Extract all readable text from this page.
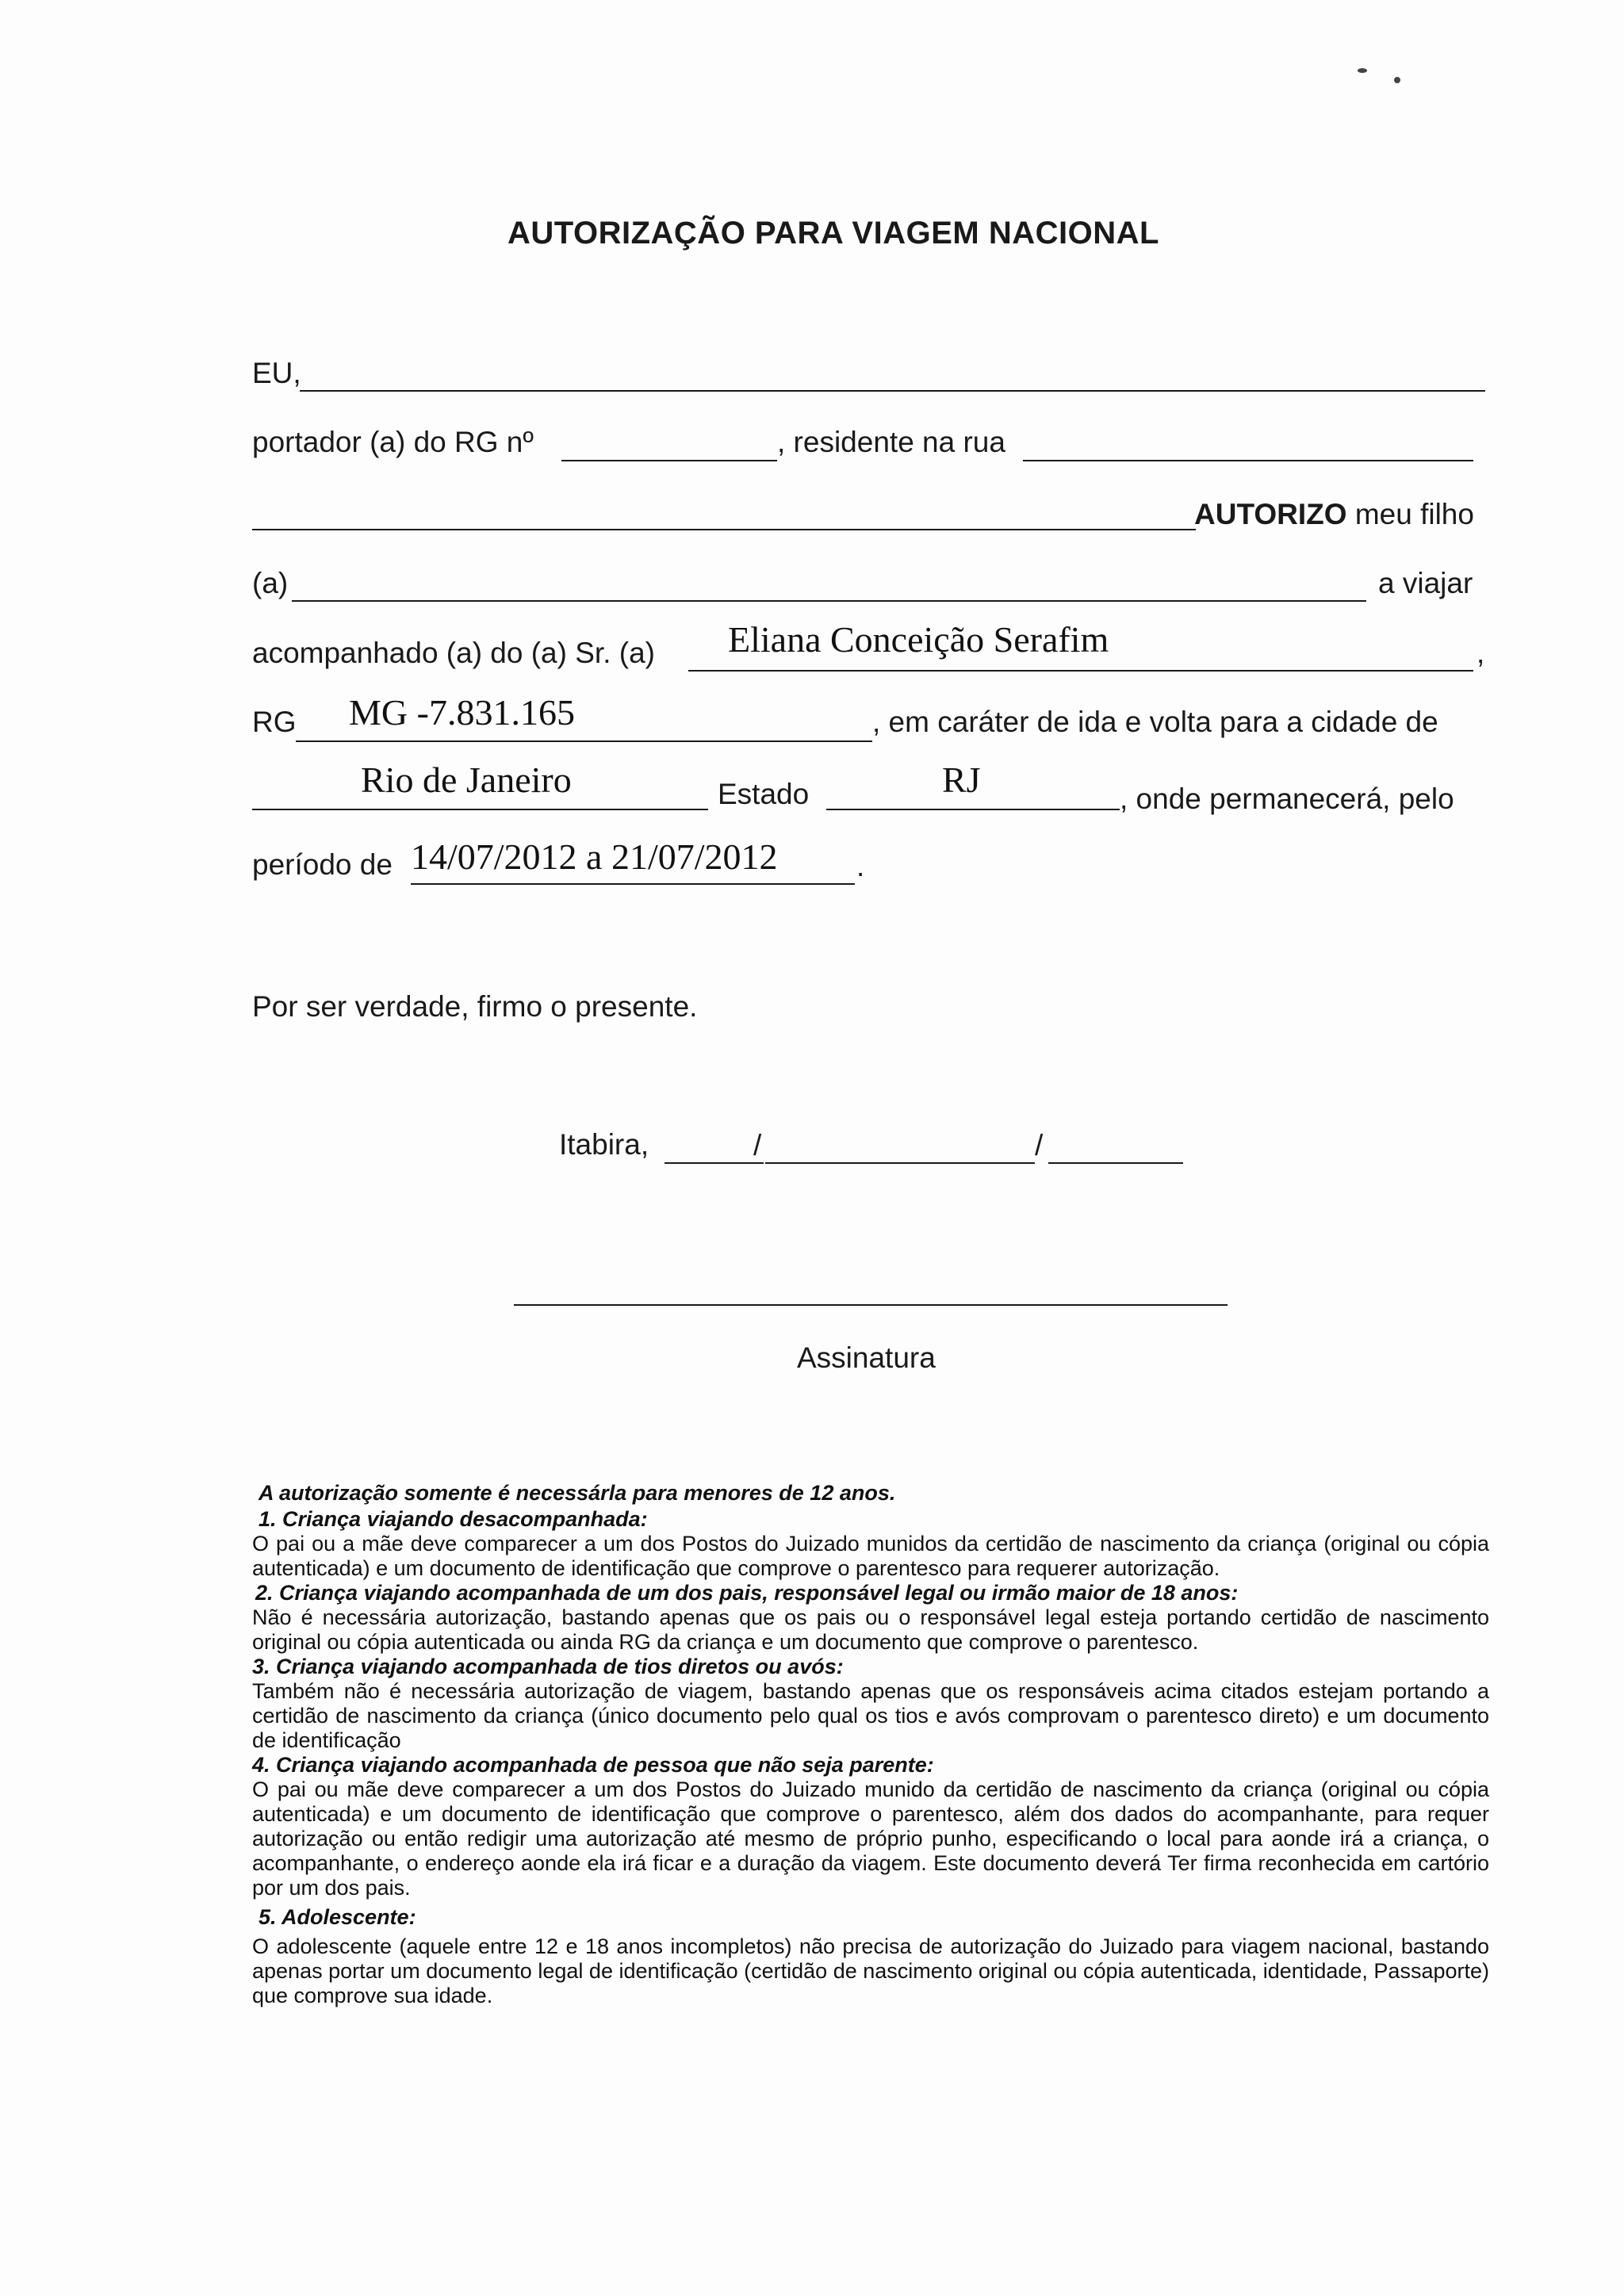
AUTORIZAÇÃO PARA VIAGEM NACIONAL
EU,
portador (a) do RG nº	, residente na rua
AUTORIZO meu filho
(a)	a viajar
acompanhado (a) do (a) Sr. (a) Eliana Conceição Serafim	,
RG MG -7.831.165	, em caráter de ida e volta para a cidade de
Rio de Janeiro	Estado	RJ	, onde permanecerá, pelo
período de 14/07/2012 a 21/07/2012	.
Por ser verdade, firmo o presente.
Itabira,	/	/
Assinatura

A autorização somente é necessárla para menores de 12 anos.

1. Criança viajando desacompanhada:

O pai ou a mãe deve comparecer a um dos Postos do Juizado munidos da certidão de nascimento da criança (original ou cópia autenticada) e um documento de identificação que comprove o parentesco para requerer autorização.

2. Criança viajando acompanhada de um dos pais, responsável legal ou irmão maior de 18 anos:

Não é necessária autorização, bastando apenas que os pais ou o responsável legal esteja portando certidão de nascimento original ou cópia autenticada ou ainda RG da criança e um documento que comprove o parentesco.

3. Criança viajando acompanhada de tios diretos ou avós:

Também não é necessária autorização de viagem, bastando apenas que os responsáveis acima citados estejam portando a certidão de nascimento da criança (único documento pelo qual os tios e avós comprovam o parentesco direto) e um documento de identificação

4. Criança viajando acompanhada de pessoa que não seja parente:

O pai ou mãe deve comparecer a um dos Postos do Juizado munido da certidão de nascimento da criança (original ou cópia autenticada) e um documento de identificação que comprove o parentesco, além dos dados do acompanhante, para requer autorização ou então redigir uma autorização até mesmo de próprio punho, especificando o local para aonde irá a criança, o acompanhante, o endereço aonde ela irá ficar e a duração da viagem. Este documento deverá Ter firma reconhecida em cartório por um dos pais.

5. Adolescente:

O adolescente (aquele entre 12 e 18 anos incompletos) não precisa de autorização do Juizado para viagem nacional, bastando apenas portar um documento legal de identificação (certidão de nascimento original ou cópia autenticada, identidade, Passaporte) que comprove sua idade.
